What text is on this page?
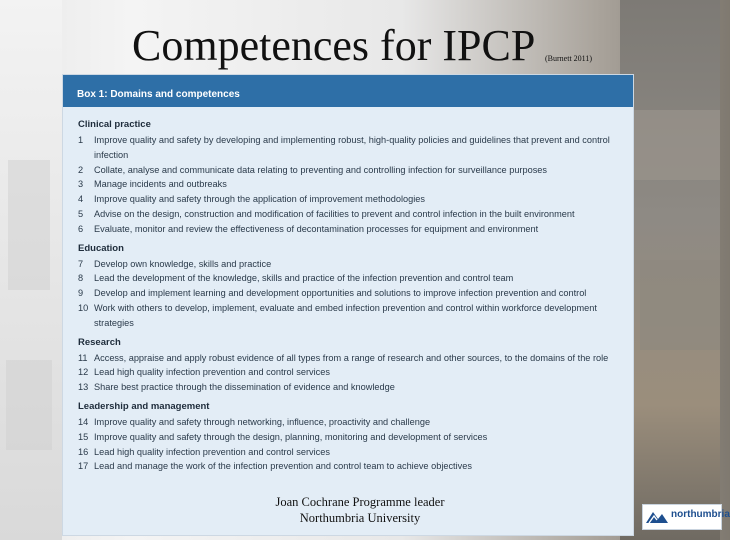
Competences for IPCP (Burnett 2011)
Box 1: Domains and competences
Clinical practice
1	Improve quality and safety by developing and implementing robust, high-quality policies and guidelines that prevent and control infection
2	Collate, analyse and communicate data relating to preventing and controlling infection for surveillance purposes
3	Manage incidents and outbreaks
4	Improve quality and safety through the application of improvement methodologies
5	Advise on the design, construction and modification of facilities to prevent and control infection in the built environment
6	Evaluate, monitor and review the effectiveness of decontamination processes for equipment and environment
Education
7	Develop own knowledge, skills and practice
8	Lead the development of the knowledge, skills and practice of the infection prevention and control team
9	Develop and implement learning and development opportunities and solutions to improve infection prevention and control
10 Work with others to develop, implement, evaluate and embed infection prevention and control within workforce development strategies
Research
11 Access, appraise and apply robust evidence of all types from a range of research and other sources, to the domains of the role
12 Lead high quality infection prevention and control services
13 Share best practice through the dissemination of evidence and knowledge
Leadership and management
14 Improve quality and safety through networking, influence, proactivity and challenge
15 Improve quality and safety through the design, planning, monitoring and development of services
16 Lead high quality infection prevention and control services
17 Lead and manage the work of the infection prevention and control team to achieve objectives
Joan Cochrane Programme leader
Northumbria University	northumbria
